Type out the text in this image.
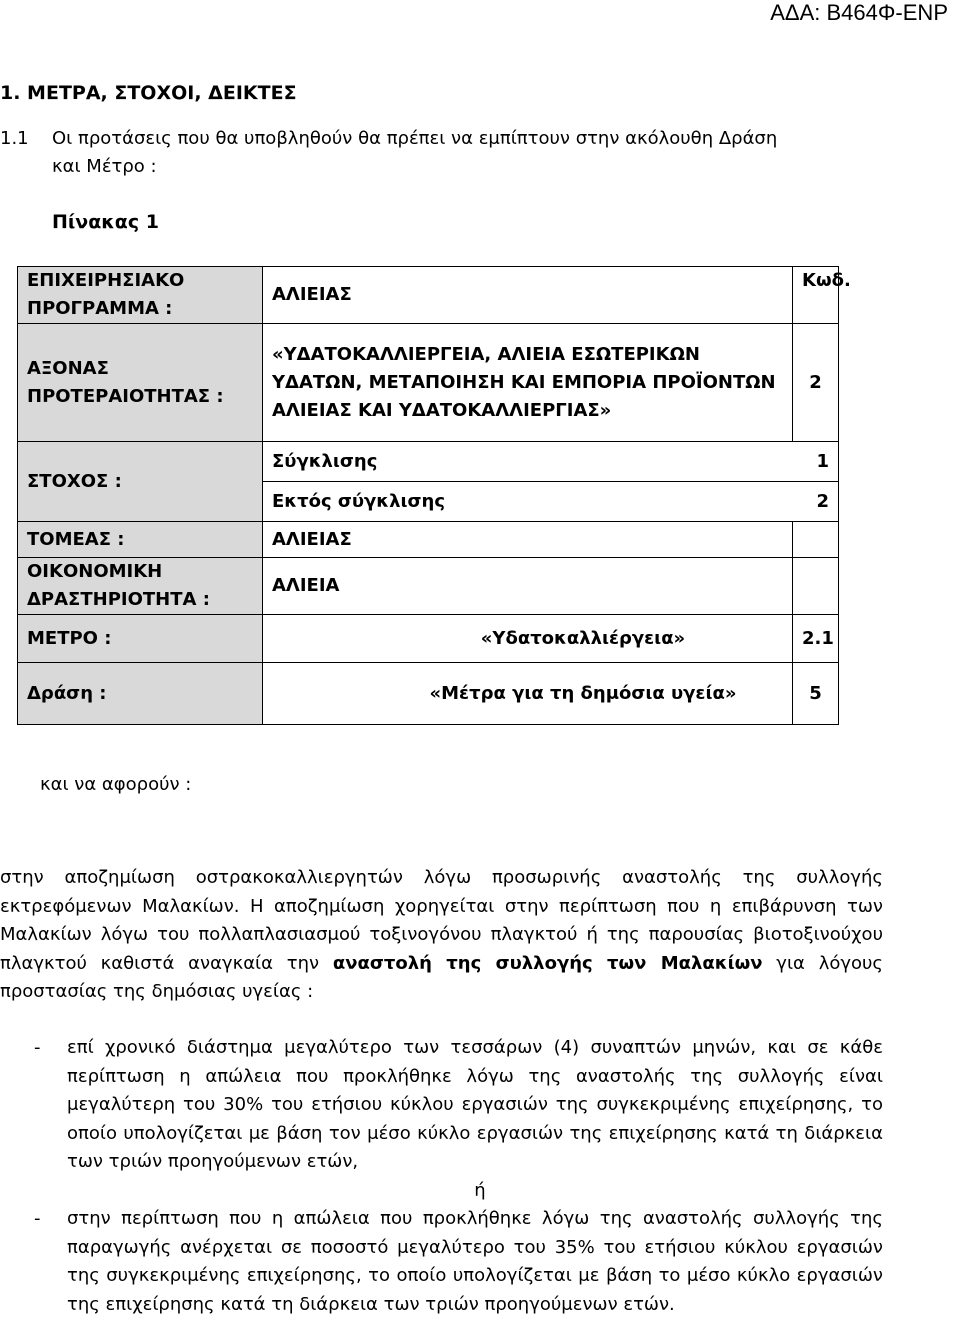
ΑΔΑ: Β464Φ-ΕΝΡ
1. ΜΕΤΡΑ, ΣΤΟΧΟΙ, ΔΕΙΚΤΕΣ
1.1 Οι προτάσεις που θα υποβληθούν θα πρέπει να εμπίπτουν στην ακόλουθη Δράση
και Μέτρο :
Πίνακας 1
ΕΠΙΧΕΙΡΗΣΙΑΚΟ ΠΡΟΓΡΑΜΜΑ :	ΑΛΙΕΙΑΣ	Κωδ.
ΑΞΟΝΑΣ ΠΡΟΤΕΡΑΙΟΤΗΤΑΣ :	«ΥΔΑΤΟΚΑΛΛΙΕΡΓΕΙΑ, ΑΛΙΕΙΑ ΕΣΩΤΕΡΙΚΩΝ ΥΔΑΤΩΝ, ΜΕΤΑΠΟΙΗΣΗ ΚΑΙ ΕΜΠΟΡΙΑ ΠΡΟΪΟΝΤΩΝ ΑΛΙΕΙΑΣ ΚΑΙ ΥΔΑΤΟΚΑΛΛΙΕΡΓΙΑΣ»	2
ΣΤΟΧΟΣ :	Σύγκλισης 1	

	Εκτός σύγκλισης 2	

ΤΟΜΕΑΣ :	ΑΛΙΕΙΑΣ	
ΟΙΚΟΝΟΜΙΚΗ ΔΡΑΣΤΗΡΙΟΤΗΤΑ :	ΑΛΙΕΙΑ	
ΜΕΤΡΟ :	«Υδατοκαλλιέργεια»	2.1
Δράση :	«Μέτρα για τη δημόσια υγεία»	5
και να αφορούν :
στην αποζημίωση οστρακοκαλλιεργητών λόγω προσωρινής αναστολής της συλλογής εκτρεφόμενων Μαλακίων. Η αποζημίωση χορηγείται στην περίπτωση που η επιβάρυνση των Μαλακίων λόγω του πολλαπλασιασμού τοξινογόνου πλαγκτού ή της παρουσίας βιοτοξινούχου πλαγκτού καθιστά αναγκαία την αναστολή της συλλογής των Μαλακίων για λόγους προστασίας της δημόσιας υγείας :
- επί χρονικό διάστημα μεγαλύτερο των τεσσάρων (4) συναπτών μηνών, και σε κάθε περίπτωση η απώλεια που προκλήθηκε λόγω της αναστολής της συλλογής είναι μεγαλύτερη του 30% του ετήσιου κύκλου εργασιών της συγκεκριμένης επιχείρησης, το οποίο υπολογίζεται με βάση τον μέσο κύκλο εργασιών της επιχείρησης κατά τη διάρκεια των τριών προηγούμενων ετών,
ή
- στην περίπτωση που η απώλεια που προκλήθηκε λόγω της αναστολής συλλογής της παραγωγής ανέρχεται σε ποσοστό μεγαλύτερο του 35% του ετήσιου κύκλου εργασιών της συγκεκριμένης επιχείρησης, το οποίο υπολογίζεται με βάση το μέσο κύκλο εργασιών της επιχείρησης κατά τη διάρκεια των τριών προηγούμενων ετών.
